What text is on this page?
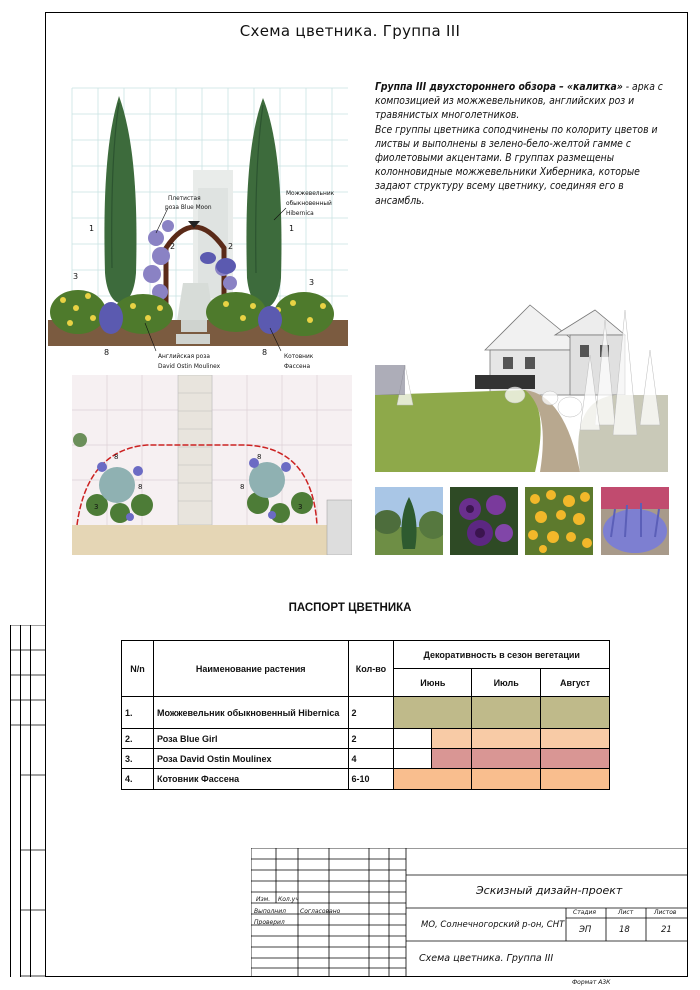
Схема цветника. Группа III
Группа III двухстороннего обзора – «калитка» - арка с композицией из можжевельников, английских роз и травянистых многолетников.
Все группы цветника соподчинены по колориту цветов и листвы и выполнены в зелено-бело-желтой гамме с фиолетовыми акцентами. В группах размещены колонновидные можжевельники Хиберника, которые задают структуру всему цветнику, соединяя его в ансамбль.
Плетистая
роза Blue Moon
Можжевельник
обыкновенный
Hibernica
Английская роза
David Ostin Moulinex
Котовник
Фассена
1	1
2	2
3
3
8	8
8	8
3	3
8	8
ПАСПОРТ ЦВЕТНИКА
N/n	Наименование растения	Кол-во	Декоративность в сезон вегетации			
			Июнь		Июль	Август
1.	Можжевельник обыкновенный Hibernica	2				
2.	Роза Blue Girl	2				
3.	Роза David Ostin Moulinex	4				
4.	Котовник Фассена	6-10				
Изм. Кол.уч
Выполнил Согласовано
Проверил
Эскизный дизайн-проект
МО, Солнечногорский р-он, СНТ
Схема цветника. Группа III
Стадия	Лист	Листов
ЭП	18	21
Формат А3К
